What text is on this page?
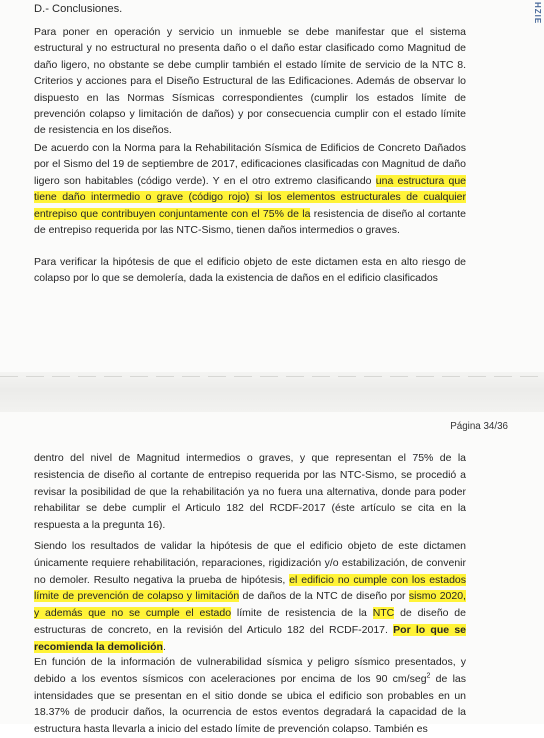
D.- Conclusiones.

Para poner en operación y servicio un inmueble se debe manifestar que el sistema estructural y no estructural no presenta daño o el daño estar clasificado como Magnitud de daño ligero, no obstante se debe cumplir también el estado límite de servicio de la NTC 8. Criterios y acciones para el Diseño Estructural de las Edificaciones. Además de observar lo dispuesto en las Normas Sísmicas correspondientes (cumplir los estados límite de prevención colapso y limitación de daños) y por consecuencia cumplir con el estado límite de resistencia en los diseños.

De acuerdo con la Norma para la Rehabilitación Sísmica de Edificios de Concreto Dañados por el Sismo del 19 de septiembre de 2017, edificaciones clasificadas con Magnitud de daño ligero son habitables (código verde). Y en el otro extremo clasificando una estructura que tiene daño intermedio o grave (código rojo) si los elementos estructurales de cualquier entrepiso que contribuyen conjuntamente con el 75% de la resistencia de diseño al cortante de entrepiso requerida por las NTC-Sismo, tienen daños intermedios o graves.

Para verificar la hipótesis de que el edificio objeto de este dictamen esta en alto riesgo de colapso por lo que se demolería, dada la existencia de daños en el edificio clasificados

HZIE
Página 34/36

dentro del nivel de Magnitud intermedios o graves, y que representan el 75% de la resistencia de diseño al cortante de entrepiso requerida por las NTC-Sismo, se procedió a revisar la posibilidad de que la rehabilitación ya no fuera una alternativa, donde para poder rehabilitar se debe cumplir el Articulo 182 del RCDF-2017 (éste artículo se cita en la respuesta a la pregunta 16).

Siendo los resultados de validar la hipótesis de que el edificio objeto de este dictamen únicamente requiere rehabilitación, reparaciones, rigidización y/o estabilización, de convenir no demoler. Resulto negativa la prueba de hipótesis, el edificio no cumple con los estados límite de prevención de colapso y limitación de daños de la NTC de diseño por sismo 2020, y además que no se cumple el estado límite de resistencia de la NTC de diseño de estructuras de concreto, en la revisión del Articulo 182 del RCDF-2017. Por lo que se recomienda la demolición.

En función de la información de vulnerabilidad sísmica y peligro sísmico presentados, y debido a los eventos sísmicos con aceleraciones por encima de los 90 cm/seg$^2$ de las intensidades que se presentan en el sitio donde se ubica el edificio son probables en un 18.37% de producir daños, la ocurrencia de estos eventos degradará la capacidad de la estructura hasta llevarla a inicio del estado límite de prevención colapso. También es
